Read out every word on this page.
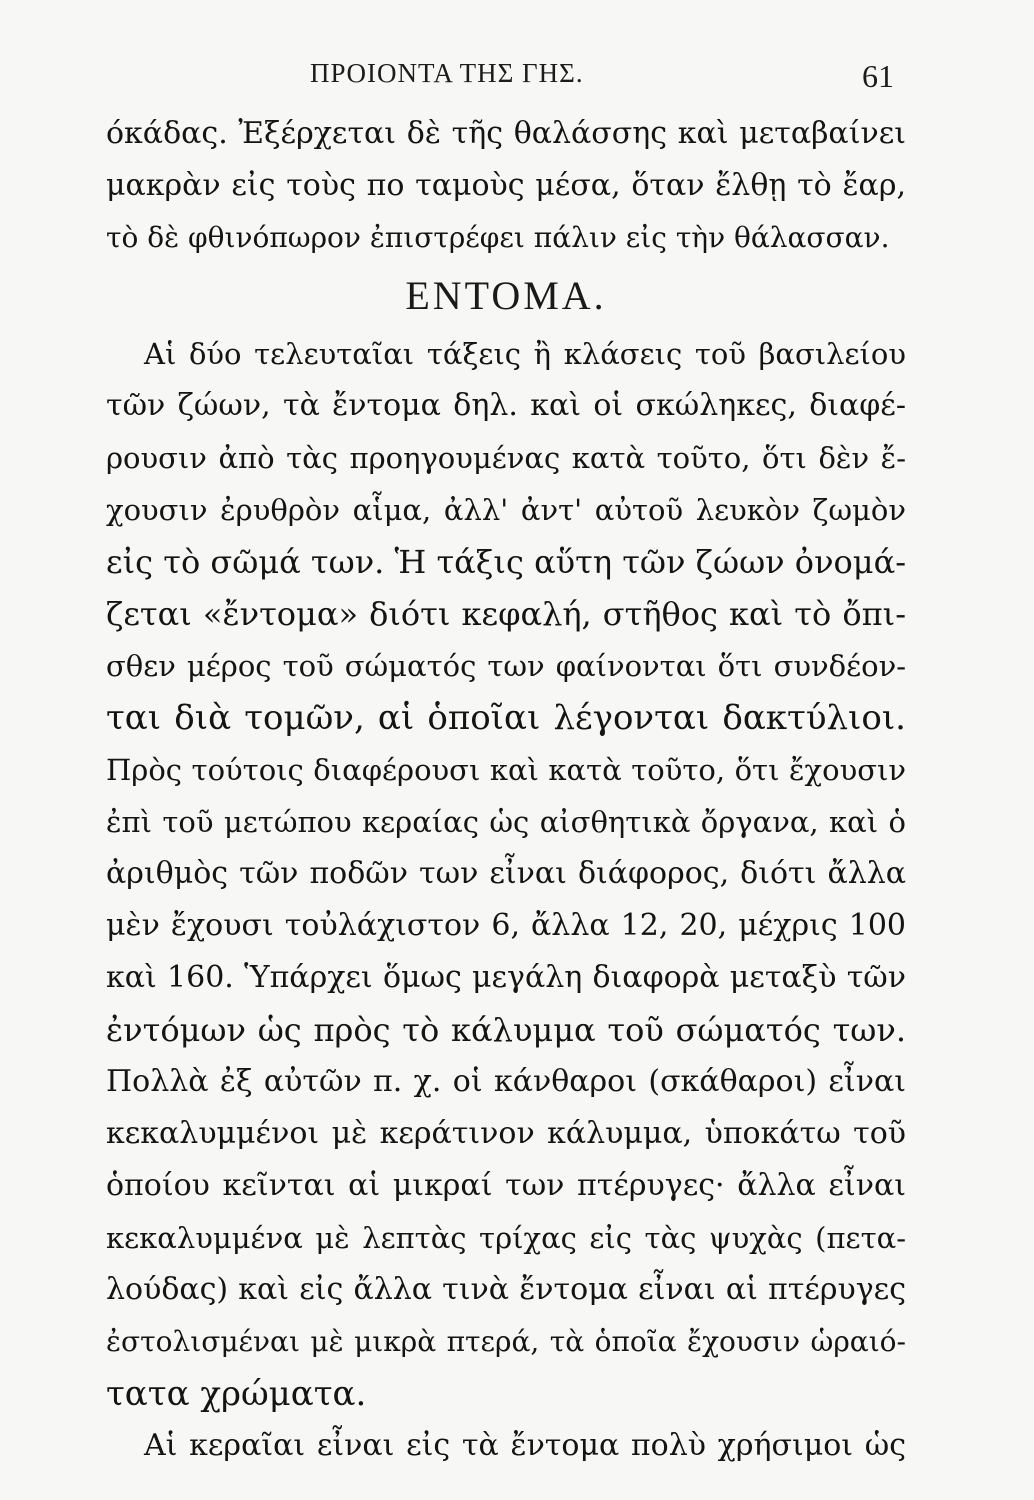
ΠΡΟΙΟΝΤΑ ΤΗΣ ΓΗΣ.	61
όκάδας. Ἐξέρχεται δὲ τῆς θαλάσσης καὶ μεταβαίνει
μακρὰν εἰς τοὺς πο ταμοὺς μέσα, ὅταν ἔλθῃ τὸ ἔαρ,
τὸ δὲ φθινόπωρον ἐπιστρέφει πάλιν εἰς τὴν θάλασσαν.
ΕΝΤΟΜΑ.
Αἱ δύο τελευταῖαι τάξεις ἢ κλάσεις τοῦ βασιλείου
τῶν ζώων, τὰ ἔντομα δηλ. καὶ οἱ σκώληκες, διαφέ-
ρουσιν ἀπὸ τὰς προηγουμένας κατὰ τοῦτο, ὅτι δὲν ἔ-
χουσιν ἐρυθρὸν αἷμα, ἀλλ' ἀντ' αὐτοῦ λευκὸν ζωμὸν
εἰς τὸ σῶμά των. Ἡ τάξις αὕτη τῶν ζώων ὀνομά-
ζεται «ἔντομα» διότι κεφαλή, στῆθος καὶ τὸ ὄπι-
σθεν μέρος τοῦ σώματός των φαίνονται ὅτι συνδέον-
ται διὰ τομῶν, αἱ ὁποῖαι λέγονται δακτύλιοι.
Πρὸς τούτοις διαφέρουσι καὶ κατὰ τοῦτο, ὅτι ἔχουσιν
ἐπὶ τοῦ μετώπου κεραίας ὡς αἰσθητικὰ ὄργανα, καὶ ὁ
ἀριθμὸς τῶν ποδῶν των εἶναι διάφορος, διότι ἄλλα
μὲν ἔχουσι τοὐλάχιστον 6, ἄλλα 12, 20, μέχρις 100
καὶ 160. Ὑπάρχει ὅμως μεγάλη διαφορὰ μεταξὺ τῶν
ἐντόμων ὡς πρὸς τὸ κάλυμμα τοῦ σώματός των.
Πολλὰ ἐξ αὐτῶν π. χ. οἱ κάνθαροι (σκάθαροι) εἶναι
κεκαλυμμένοι μὲ κεράτινον κάλυμμα, ὑποκάτω τοῦ
ὁποίου κεῖνται αἱ μικραί των πτέρυγες· ἄλλα εἶναι
κεκαλυμμένα μὲ λεπτὰς τρίχας εἰς τὰς ψυχὰς (πετα-
λούδας) καὶ εἰς ἄλλα τινὰ ἔντομα εἶναι αἱ πτέρυγες
ἐστολισμέναι μὲ μικρὰ πτερά, τὰ ὁποῖα ἔχουσιν ὡραιό-
τατα χρώματα.
Αἱ κεραῖαι εἶναι εἰς τὰ ἔντομα πολὺ χρήσιμοι ὡς
